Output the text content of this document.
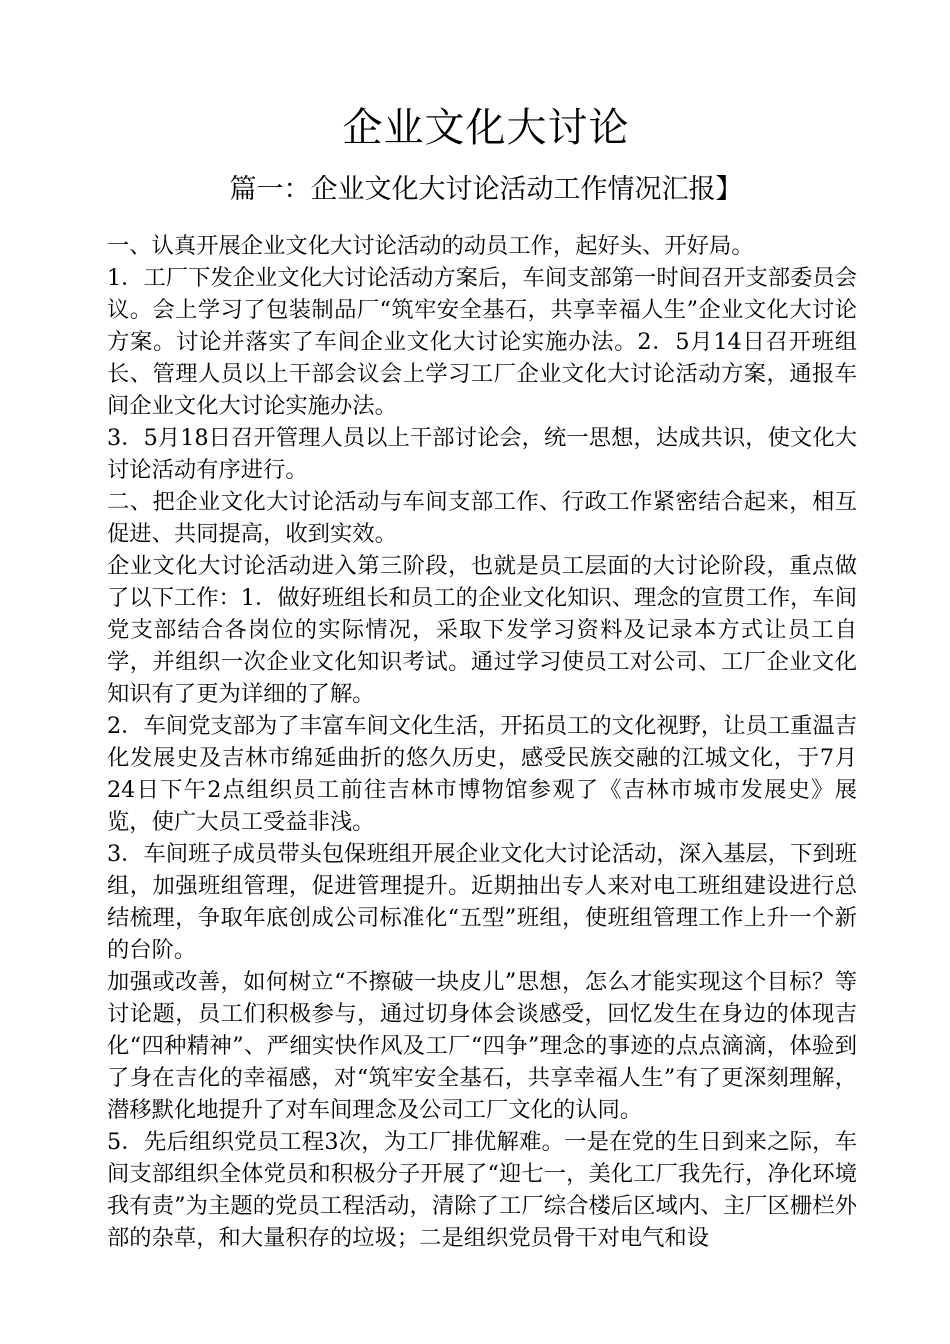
企业文化大讨论
篇一：企业文化大讨论活动工作情况汇报】

一、认真开展企业文化大讨论活动的动员工作，起好头、开好局。

1．工厂下发企业文化大讨论活动方案后，车间支部第一时间召开支部委员会议。会上学习了包装制品厂“筑牢安全基石，共享幸福人生”企业文化大讨论方案。讨论并落实了车间企业文化大讨论实施办法。2．5月14日召开班组长、管理人员以上干部会议会上学习工厂企业文化大讨论活动方案，通报车间企业文化大讨论实施办法。

3．5月18日召开管理人员以上干部讨论会，统一思想，达成共识，使文化大讨论活动有序进行。

二、把企业文化大讨论活动与车间支部工作、行政工作紧密结合起来，相互促进、共同提高，收到实效。

企业文化大讨论活动进入第三阶段，也就是员工层面的大讨论阶段，重点做了以下工作：1．做好班组长和员工的企业文化知识、理念的宣贯工作，车间党支部结合各岗位的实际情况，采取下发学习资料及记录本方式让员工自学，并组织一次企业文化知识考试。通过学习使员工对公司、工厂企业文化知识有了更为详细的了解。

2．车间党支部为了丰富车间文化生活，开拓员工的文化视野，让员工重温吉化发展史及吉林市绵延曲折的悠久历史，感受民族交融的江城文化，于7月24日下午2点组织员工前往吉林市博物馆参观了《吉林市城市发展史》展览，使广大员工受益非浅。

3．车间班子成员带头包保班组开展企业文化大讨论活动，深入基层，下到班组，加强班组管理，促进管理提升。近期抽出专人来对电工班组建设进行总结梳理，争取年底创成公司标准化“五型”班组，使班组管理工作上升一个新的台阶。

加强或改善，如何树立“不擦破一块皮儿”思想，怎么才能实现这个目标？等讨论题，员工们积极参与，通过切身体会谈感受，回忆发生在身边的体现吉化“四种精神”、严细实快作风及工厂“四争”理念的事迹的点点滴滴，体验到了身在吉化的幸福感，对“筑牢安全基石，共享幸福人生”有了更深刻理解，潜移默化地提升了对车间理念及公司工厂文化的认同。

5．先后组织党员工程3次，为工厂排优解难。一是在党的生日到来之际，车间支部组织全体党员和积极分子开展了“迎七一，美化工厂我先行，净化环境我有责”为主题的党员工程活动，清除了工厂综合楼后区域内、主厂区栅栏外部的杂草，和大量积存的垃圾；二是组织党员骨干对电气和设
